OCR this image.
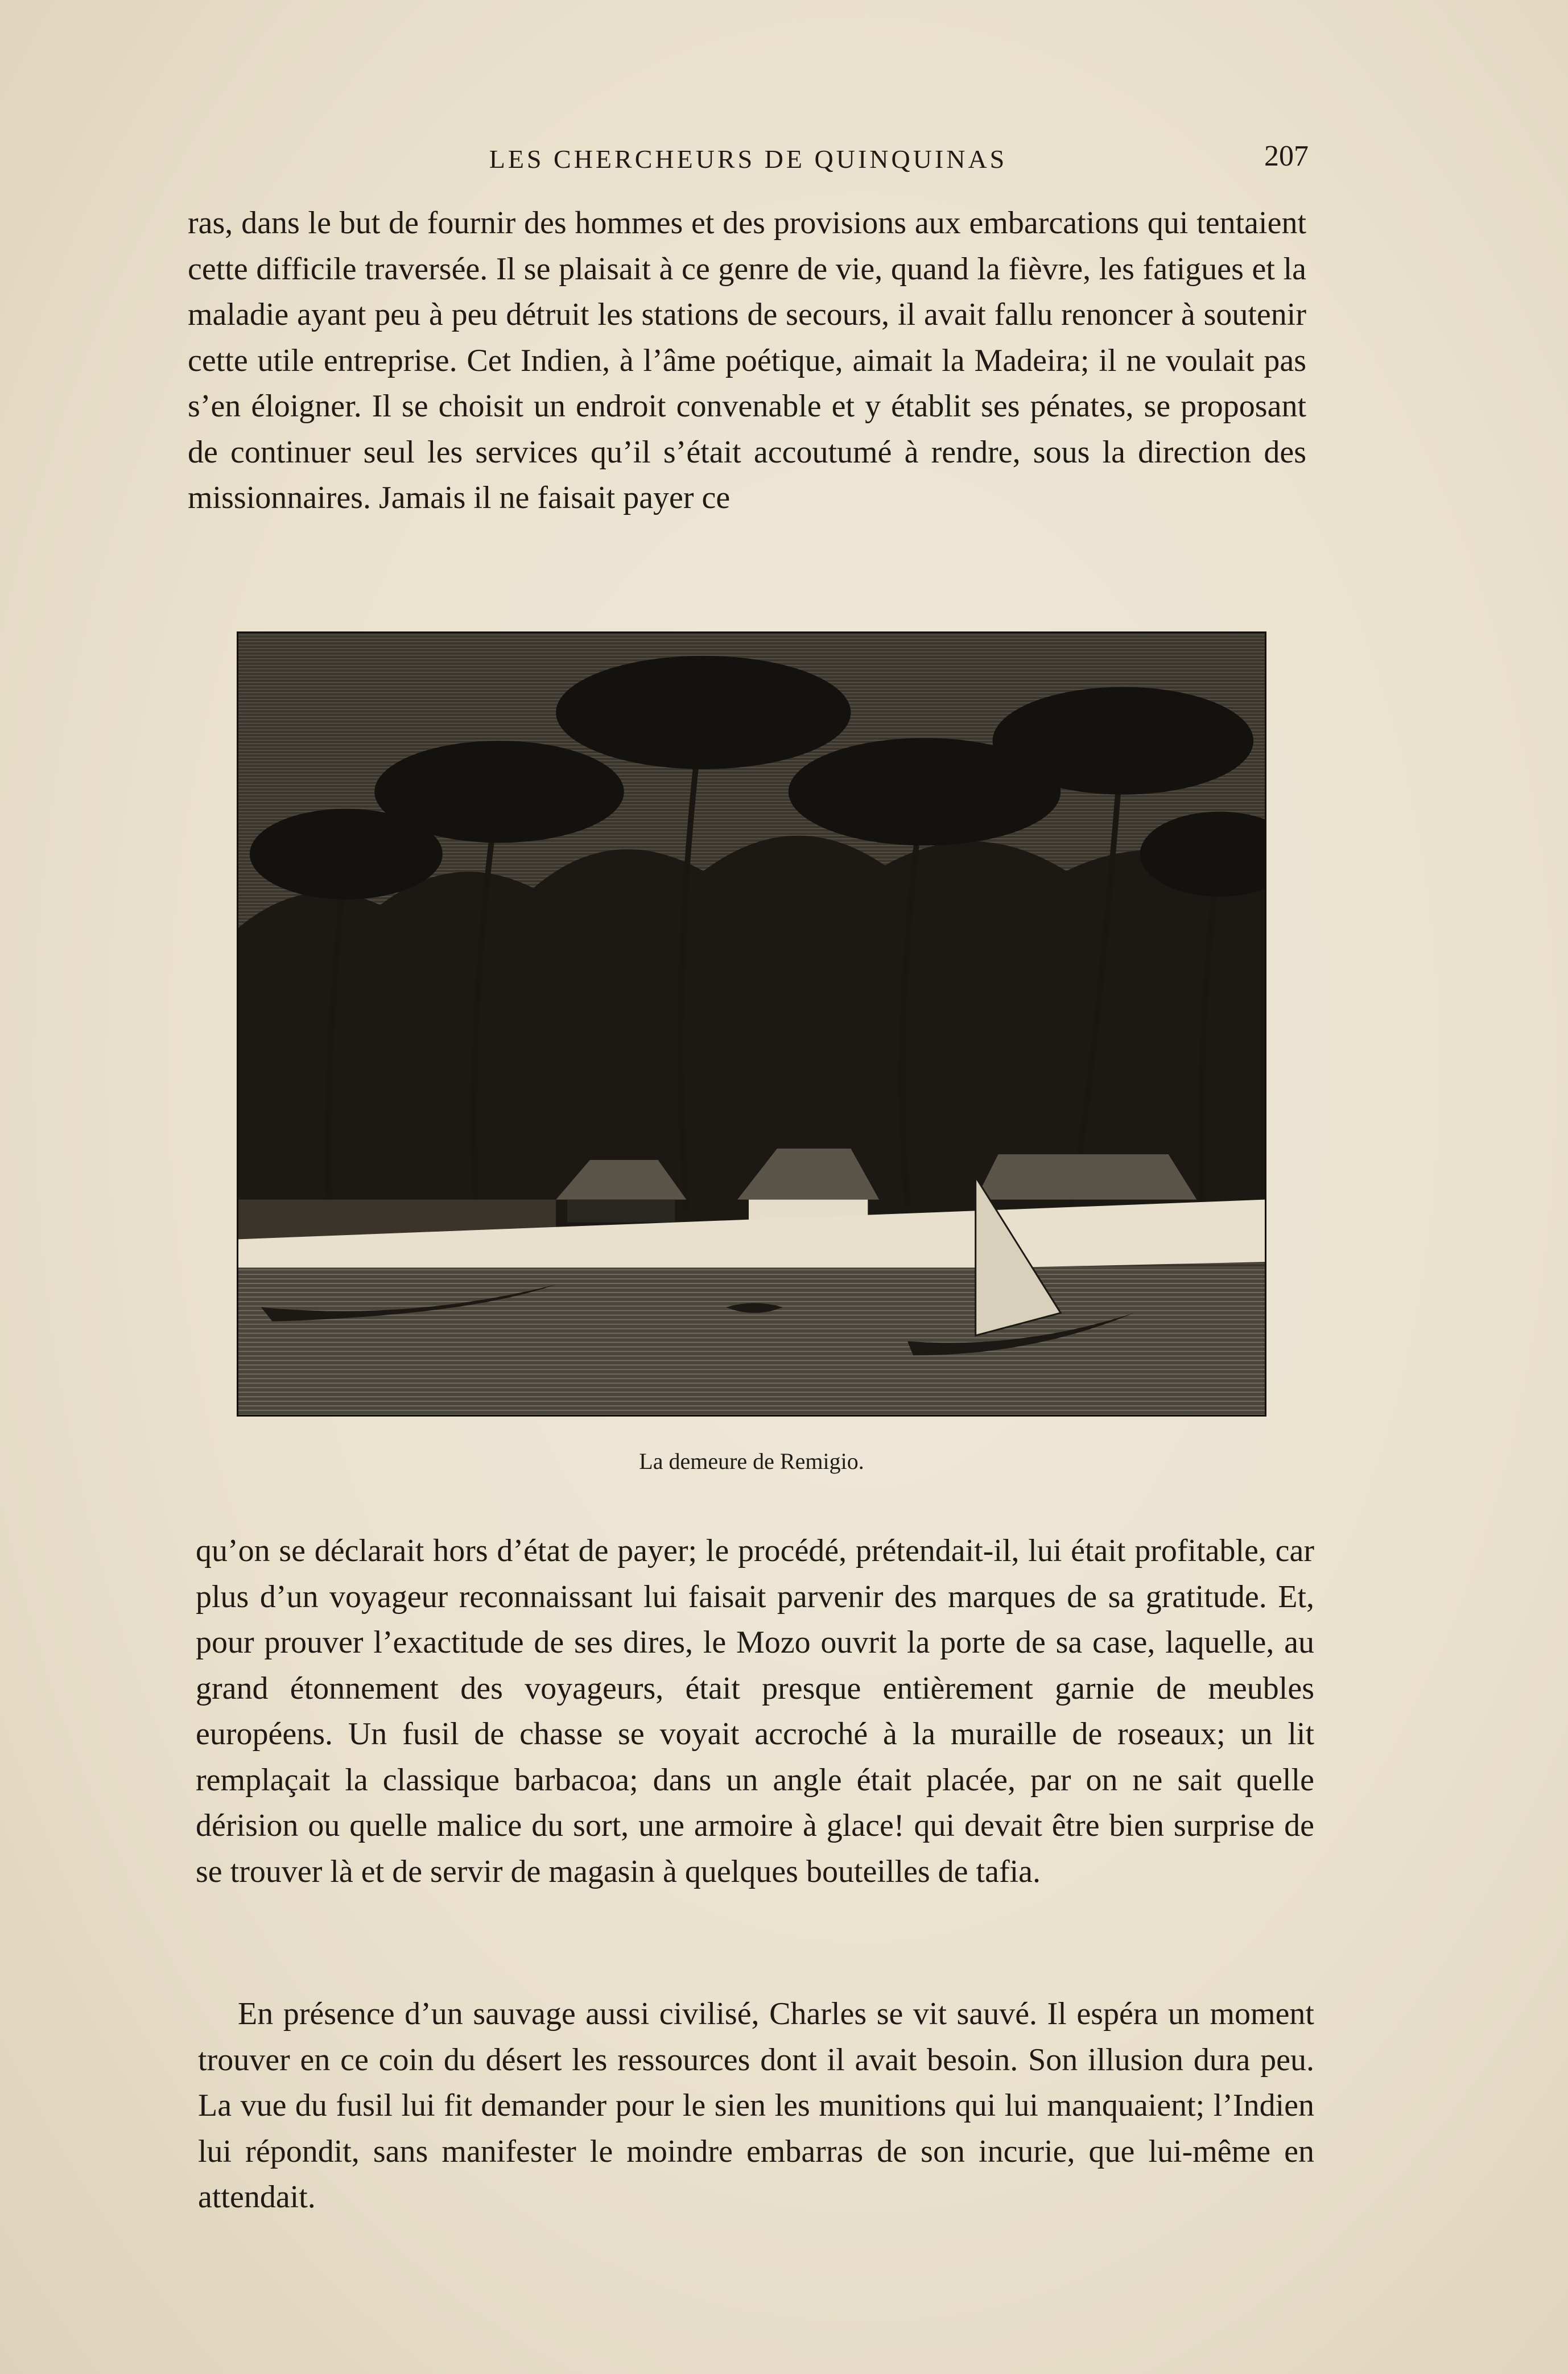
LES CHERCHEURS DE QUINQUINAS	207

ras, dans le but de fournir des hommes et des provisions aux embarcations qui tentaient cette difficile traversée. Il se plaisait à ce genre de vie, quand la fièvre, les fatigues et la maladie ayant peu à peu détruit les stations de secours, il avait fallu renoncer à soutenir cette utile entreprise. Cet Indien, à l’âme poétique, aimait la Madeira; il ne voulait pas s’en éloigner. Il se choisit un endroit convenable et y établit ses pénates, se proposant de continuer seul les services qu’il s’était accoutumé à rendre, sous la direction des missionnaires. Jamais il ne faisait payer ce

La demeure de Remigio.

qu’on se déclarait hors d’état de payer; le procédé, prétendait-il, lui était profitable, car plus d’un voyageur reconnaissant lui faisait parvenir des marques de sa gratitude. Et, pour prouver l’exactitude de ses dires, le Mozo ouvrit la porte de sa case, laquelle, au grand étonnement des voyageurs, était presque entièrement garnie de meubles européens. Un fusil de chasse se voyait accroché à la muraille de roseaux; un lit remplaçait la classique barbacoa; dans un angle était placée, par on ne sait quelle dérision ou quelle malice du sort, une armoire à glace! qui devait être bien surprise de se trouver là et de servir de magasin à quelques bouteilles de tafia.

En présence d’un sauvage aussi civilisé, Charles se vit sauvé. Il espéra un moment trouver en ce coin du désert les ressources dont il avait besoin. Son illusion dura peu. La vue du fusil lui fit demander pour le sien les munitions qui lui manquaient; l’Indien lui répondit, sans manifester le moindre embarras de son incurie, que lui-même en attendait.
